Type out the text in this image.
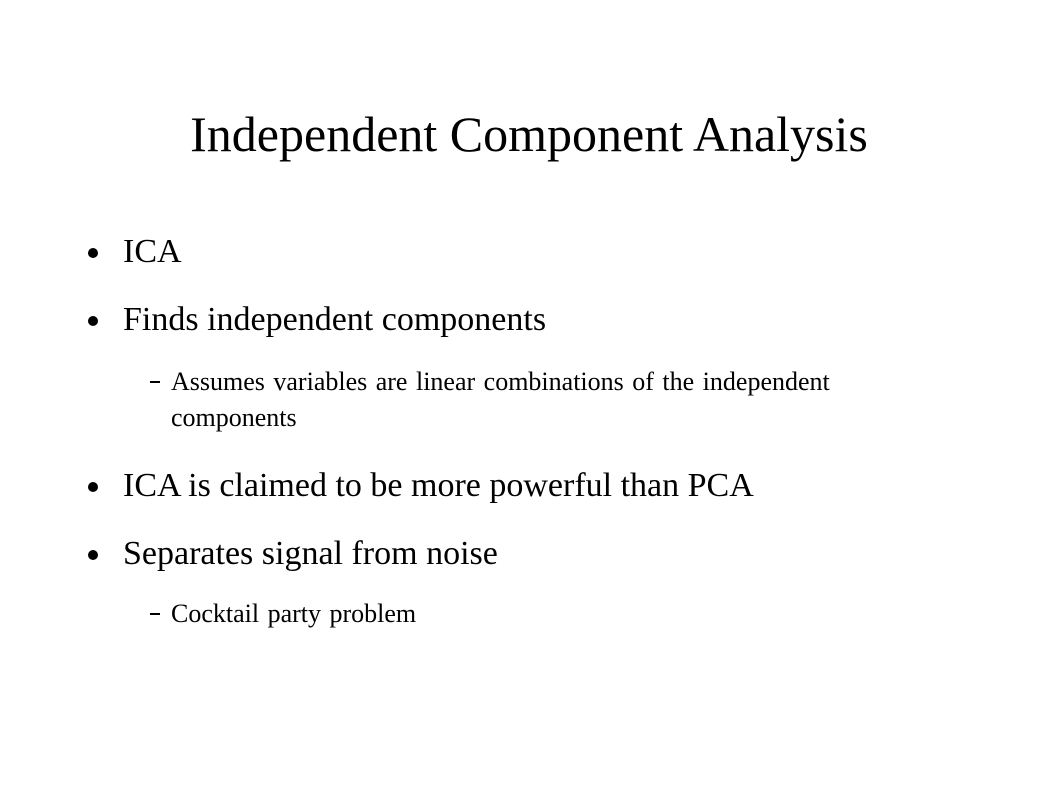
Independent Component Analysis
ICA
Finds independent components
Assumes variables are linear combinations of the independent components
ICA is claimed to be more powerful than PCA
Separates signal from noise
Cocktail party problem
